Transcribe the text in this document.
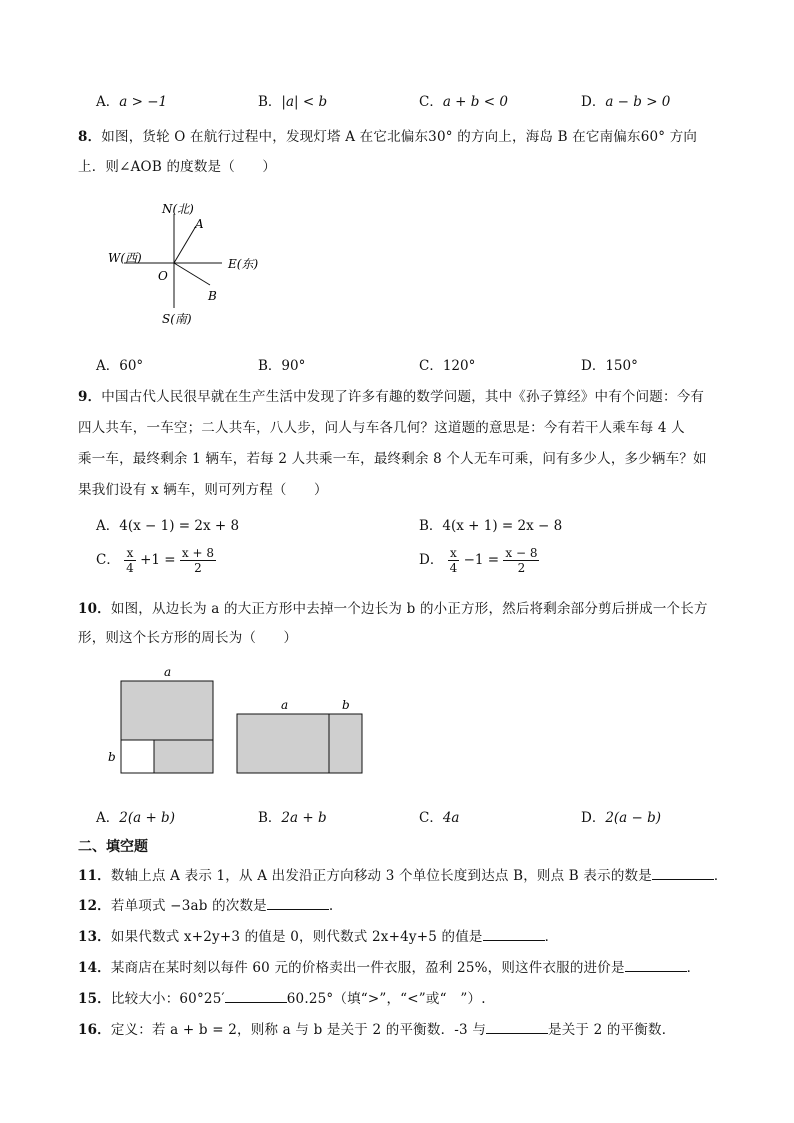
A．a > −1	B．|a| < b	C．a + b < 0	D．a − b > 0
8．如图，货轮 O 在航行过程中，发现灯塔 A 在它北偏东30° 的方向上，海岛 B 在它南偏东60° 方向
上．则∠AOB 的度数是（　　）
N(北)
A
W(西)	E(东)
O
B
S(南)
A．60°	B．90°	C．120°	D．150°
9．中国古代人民很早就在生产生活中发现了许多有趣的数学问题，其中《孙子算经》中有个问题：今有
四人共车，一车空；二人共车，八人步，问人与车各几何？这道题的意思是：今有若干人乘车每 4 人
乘一车，最终剩余 1 辆车，若每 2 人共乘一车，最终剩余 8 个人无车可乘，问有多少人，多少辆车？如
果我们设有 x 辆车，则可列方程（　　）
A．4(x − 1) = 2x + 8	B．4(x + 1) = 2x − 8
C． $\frac{x}{4} +1 = \frac{x + 8}{2}$	D． $\frac{x}{4} -1 = \frac{x - 8}{2}$
10．如图，从边长为 a 的大正方形中去掉一个边长为 b 的小正方形，然后将剩余部分剪后拼成一个长方
形，则这个长方形的周长为（　　）
a
b
a	b
A．2(a + b)	B．2a + b	C．4a	D．2(a − b)
二、填空题
11．数轴上点 A 表示 1，从 A 出发沿正方向移动 3 个单位长度到达点 B，则点 B 表示的数是	．
12．若单项式 −3ab 的次数是	.
13．如果代数式 x+2y+3 的值是 0，则代数式 2x+4y+5 的值是	．
14．某商店在某时刻以每件 60 元的价格卖出一件衣服，盈利 25%，则这件衣服的进价是	．
15．比较大小：60°25′	60.25°（填“>”，“<”或“　”）.
16．定义：若 a + b = 2，则称 a 与 b 是关于 2 的平衡数．-3 与	是关于 2 的平衡数．
